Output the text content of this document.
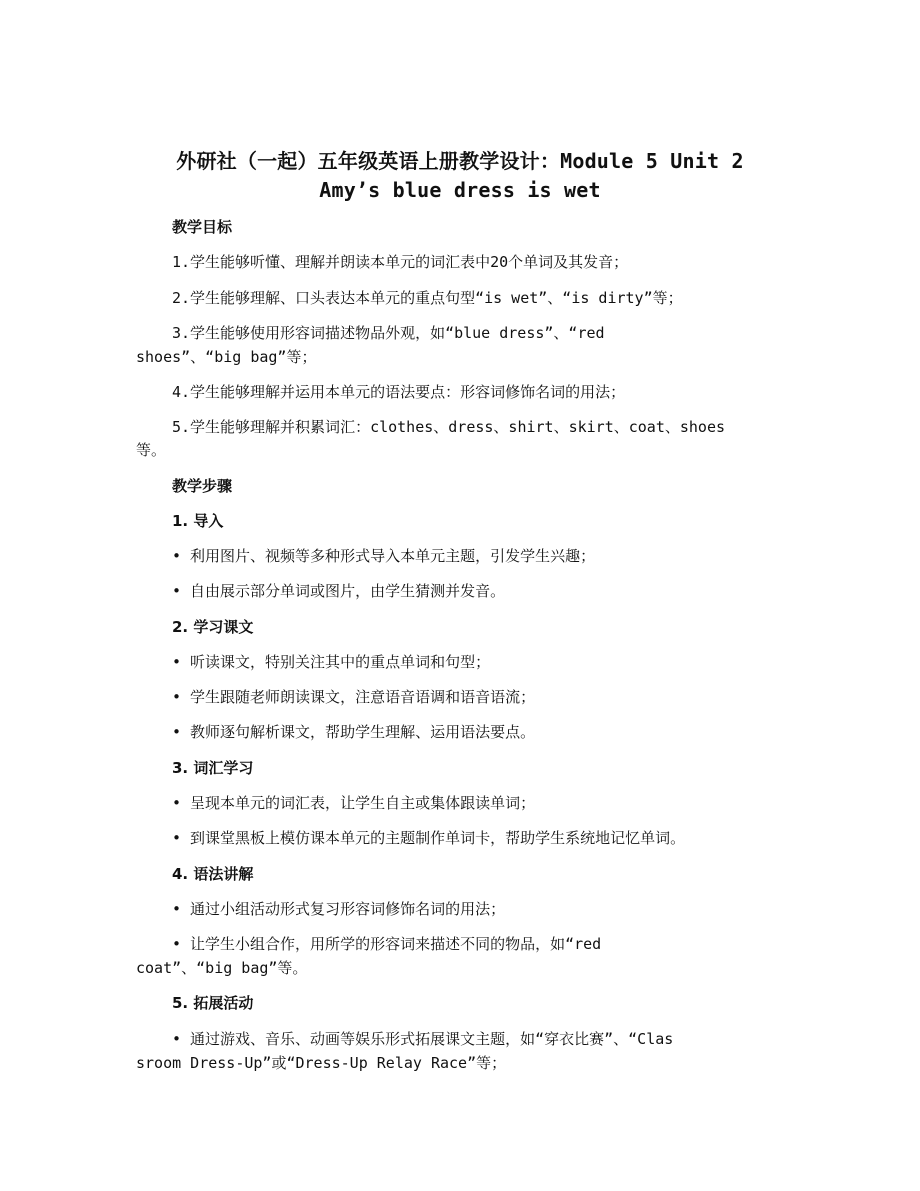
外研社（一起）五年级英语上册教学设计：Module 5 Unit 2
Amy’s blue dress is wet
教学目标
1.学生能够听懂、理解并朗读本单元的词汇表中20个单词及其发音；
2.学生能够理解、口头表达本单元的重点句型“is wet”、“is dirty”等；
3.学生能够使用形容词描述物品外观，如“blue dress”、“red
shoes”、“big bag”等；
4.学生能够理解并运用本单元的语法要点：形容词修饰名词的用法；
5.学生能够理解并积累词汇：clothes、dress、shirt、skirt、coat、shoes
等。
教学步骤
1. 导入
• 利用图片、视频等多种形式导入本单元主题，引发学生兴趣；
• 自由展示部分单词或图片，由学生猜测并发音。
2. 学习课文
• 听读课文，特别关注其中的重点单词和句型；
• 学生跟随老师朗读课文，注意语音语调和语音语流；
• 教师逐句解析课文，帮助学生理解、运用语法要点。
3. 词汇学习
• 呈现本单元的词汇表，让学生自主或集体跟读单词；
• 到课堂黑板上模仿课本单元的主题制作单词卡，帮助学生系统地记忆单词。
4. 语法讲解
• 通过小组活动形式复习形容词修饰名词的用法；
• 让学生小组合作，用所学的形容词来描述不同的物品，如“red
coat”、“big bag”等。
5. 拓展活动
• 通过游戏、音乐、动画等娱乐形式拓展课文主题，如“穿衣比赛”、“Clas
sroom Dress-Up”或“Dress-Up Relay Race”等；
